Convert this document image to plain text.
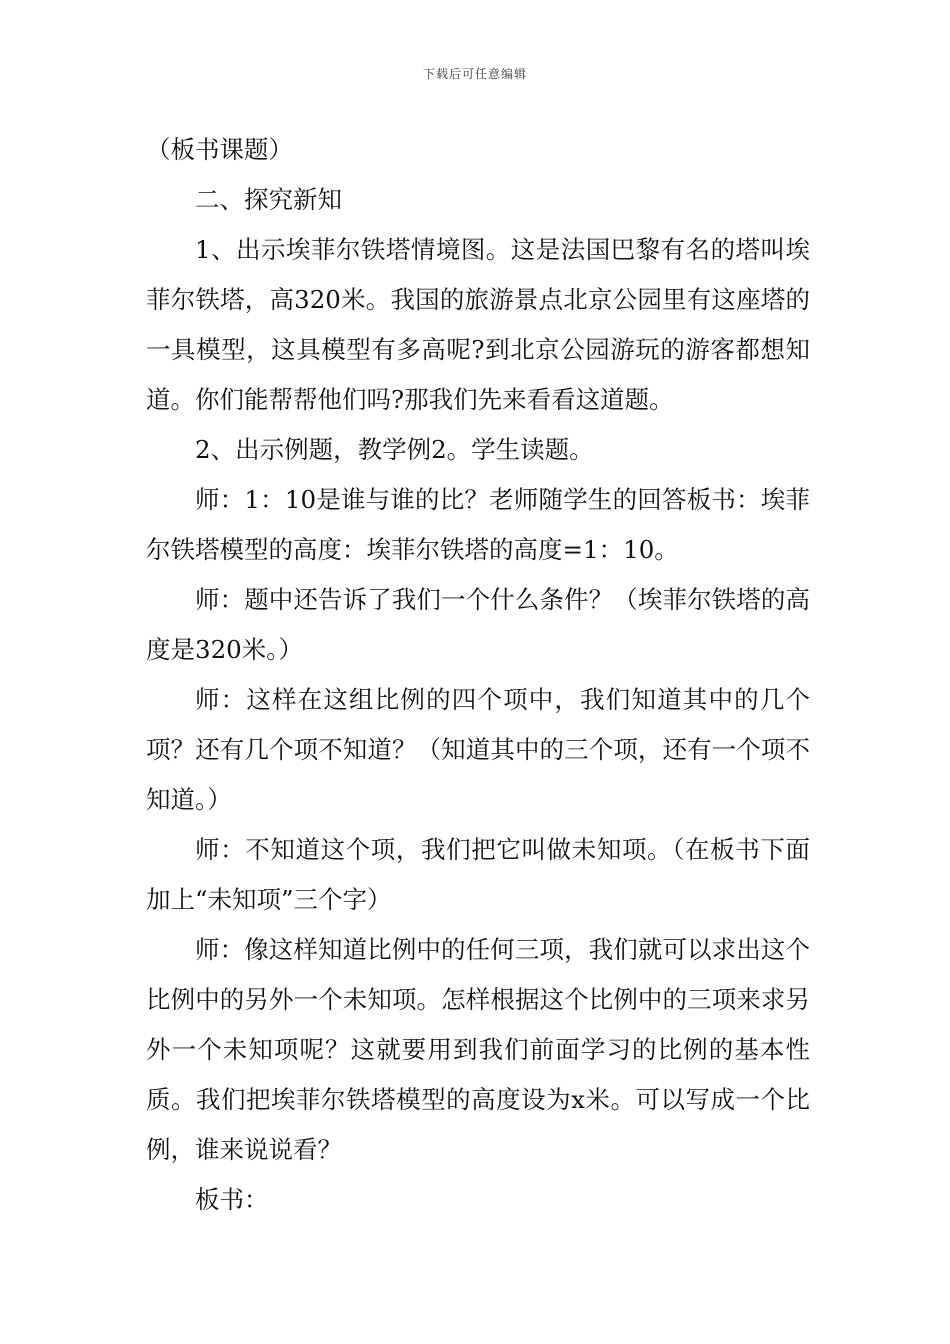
下载后可任意编辑

（板书课题）

二、探究新知

1、出示埃菲尔铁塔情境图。这是法国巴黎有名的塔叫埃菲尔铁塔，高320米。我国的旅游景点北京公园里有这座塔的一具模型，这具模型有多高呢?到北京公园游玩的游客都想知道。你们能帮帮他们吗?那我们先来看看这道题。

2、出示例题，教学例2。学生读题。

师：1：10是谁与谁的比？老师随学生的回答板书：埃菲尔铁塔模型的高度：埃菲尔铁塔的高度=1：10。

师：题中还告诉了我们一个什么条件？（埃菲尔铁塔的高度是320米。）

师：这样在这组比例的四个项中，我们知道其中的几个项？还有几个项不知道？（知道其中的三个项，还有一个项不知道。）

师：不知道这个项，我们把它叫做未知项。（在板书下面加上“未知项”三个字）

师：像这样知道比例中的任何三项，我们就可以求出这个比例中的另外一个未知项。怎样根据这个比例中的三项来求另外一个未知项呢？这就要用到我们前面学习的比例的基本性质。我们把埃菲尔铁塔模型的高度设为x米。可以写成一个比例，谁来说说看？

板书：
